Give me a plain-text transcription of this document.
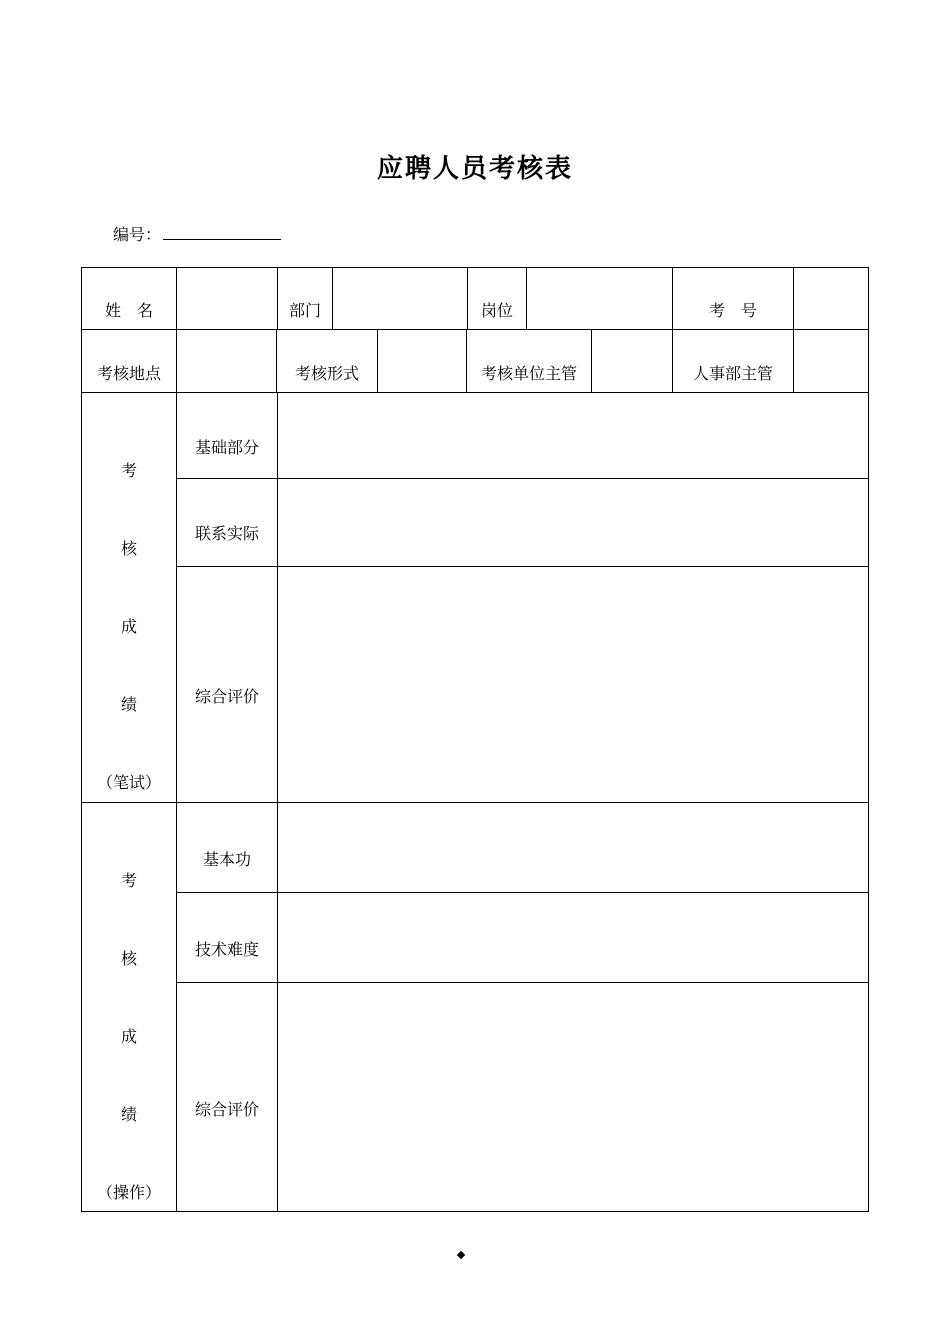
应聘人员考核表
编号：
姓　名	部门	岗位	考　号
考核地点	考核形式	考核单位主管	人事部主管
考
核
成
绩
（笔试）
基础部分
联系实际
综合评价
考
核
成
绩
（操作）
基本功
技术难度
综合评价
